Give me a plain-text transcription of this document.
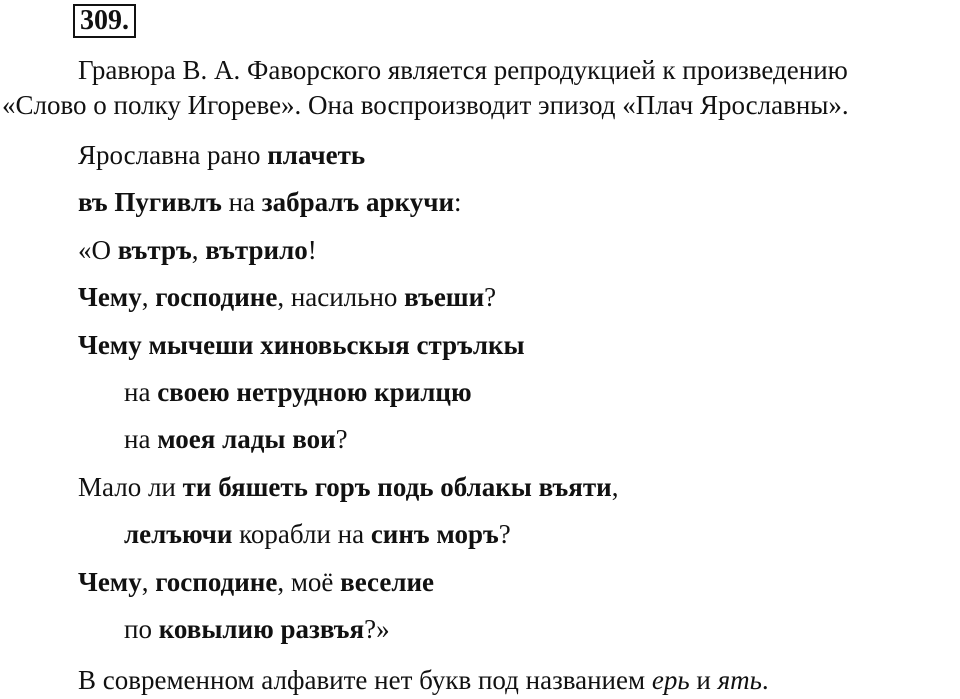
309.
Гравюра В. А. Фаворского является репродукцией к произведению
«Слово о полку Игореве». Она воспроизводит эпизод «Плач Ярославны».
Ярославна рано плачеть
въ Пугивлъ на забралъ аркучи:
«О вътръ, вътрило!
Чему, господине, насильно въеши?
Чему мычеши хиновьскыя стрълкы
на своею нетрудною крилцю
на моея лады вои?
Мало ли ти бяшеть горъ подь облакы въяти,
лелъючи корабли на синъ моръ?
Чему, господине, моё веселие
по ковылию развъя?»
В современном алфавите нет букв под названием ерь и ять.
